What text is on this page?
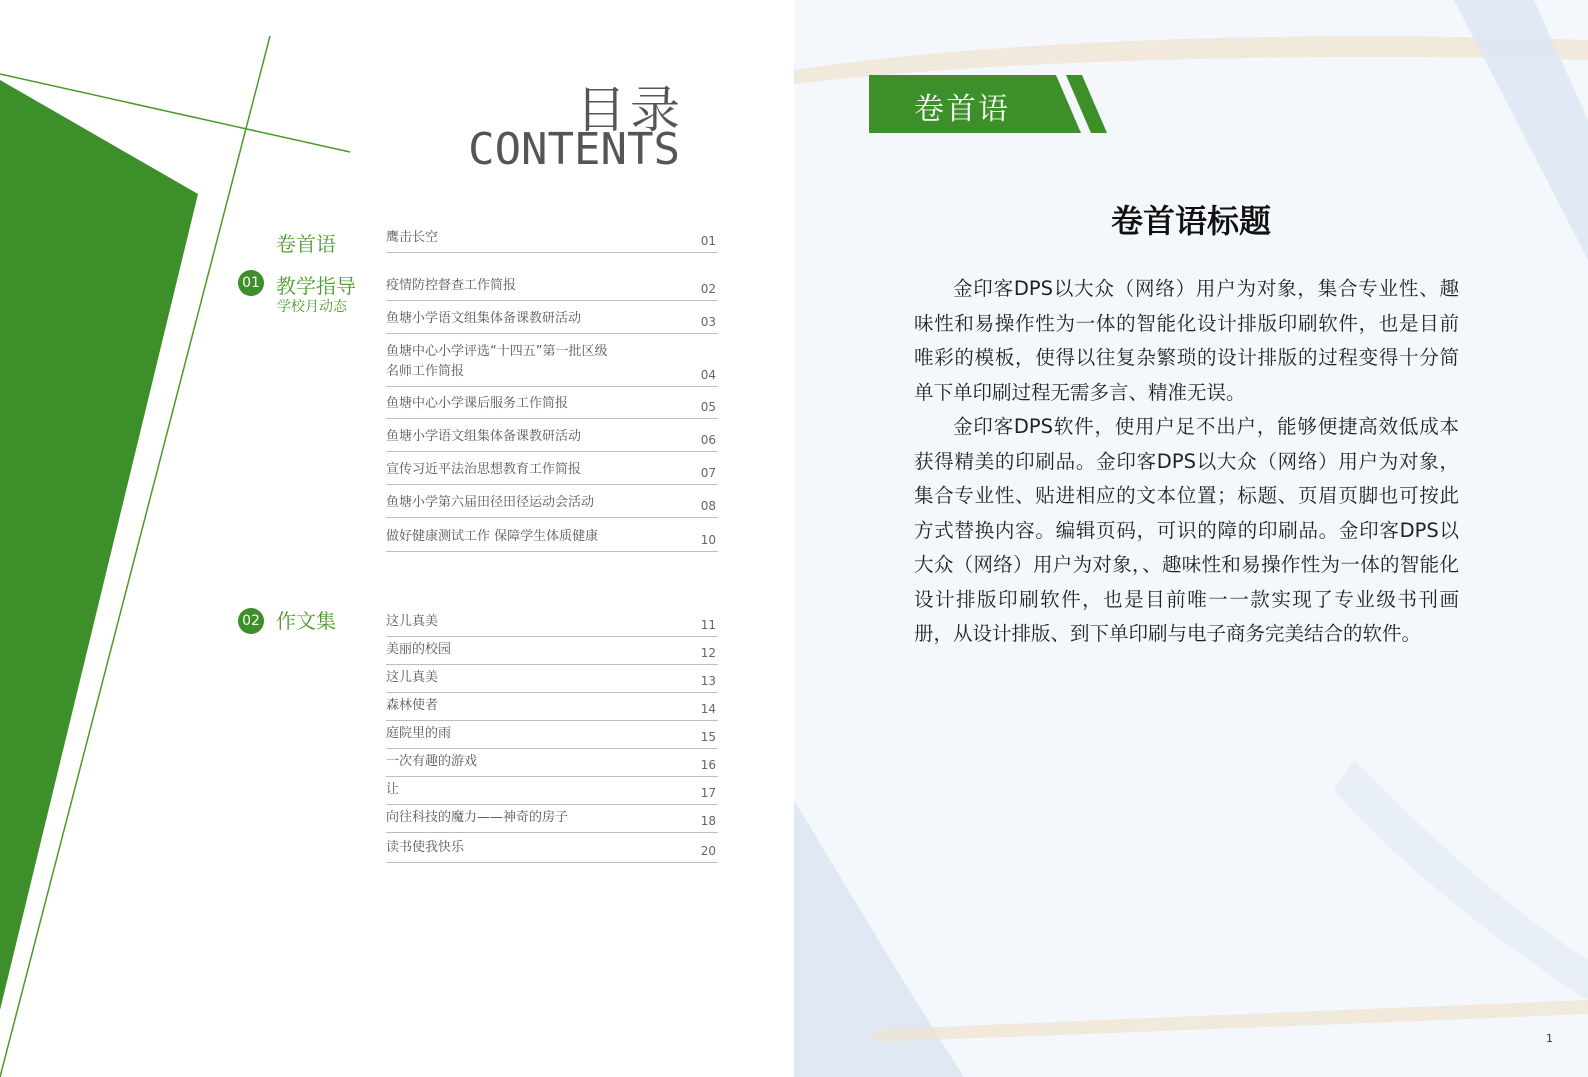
目录
CONTENTS
卷首语
01 教学指导
学校月动态
02 作文集
鹰击长空	01
疫情防控督查工作简报	02
鱼塘小学语文组集体备课教研活动	03
鱼塘中心小学评选“十四五”第一批区级
名师工作简报	04
鱼塘中心小学课后服务工作简报	05
鱼塘小学语文组集体备课教研活动	06
宣传习近平法治思想教育工作简报	07
鱼塘小学第六届田径田径运动会活动	08
做好健康测试工作 保障学生体质健康	10
这儿真美	11
美丽的校园	12
这儿真美	13
森林使者	14
庭院里的雨	15
一次有趣的游戏	16
让	17
向往科技的魔力——神奇的房子	18
读书使我快乐	20
卷首语
卷首语标题

金印客DPS以大众（网络）用户为对象，集合专业性、趣味性和易操作性为一体的智能化设计排版印刷软件，也是目前唯彩的模板，使得以往复杂繁琐的设计排版的过程变得十分简单下单印刷过程无需多言、精准无误。

金印客DPS软件，使用户足不出户，能够便捷高效低成本获得精美的印刷品。金印客DPS以大众（网络）用户为对象，集合专业性、贴进相应的文本位置；标题、页眉页脚也可按此方式替换内容。编辑页码，可识的障的印刷品。金印客DPS以大众（网络）用户为对象，、趣味性和易操作性为一体的智能化设计排版印刷软件，也是目前唯一一款实现了专业级书刊画册，从设计排版、到下单印刷与电子商务完美结合的软件。

1
